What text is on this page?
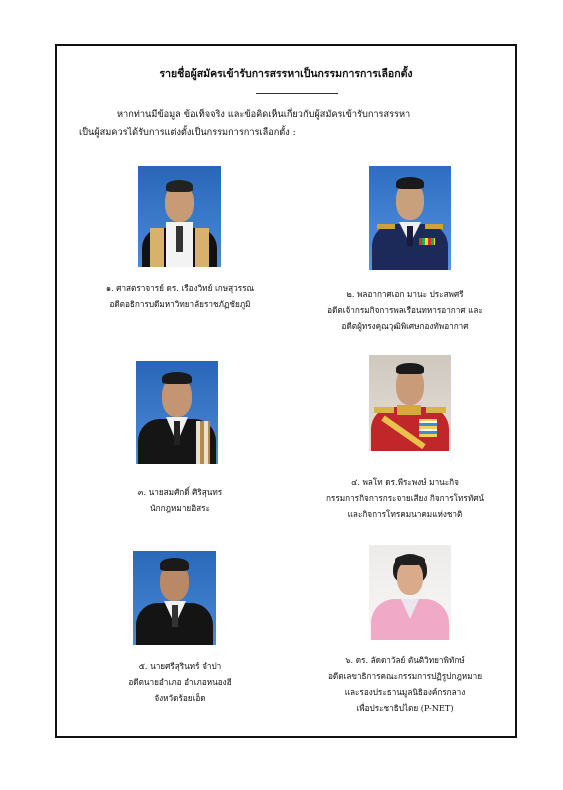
รายชื่อผู้สมัครเข้ารับการสรรหาเป็นกรรมการการเลือกตั้ง
หากท่านมีข้อมูล ข้อเท็จจริง และข้อคิดเห็นเกี่ยวกับผู้สมัครเข้ารับการสรรหา
เป็นผู้สมควรได้รับการแต่งตั้งเป็นกรรมการการเลือกตั้ง :
๑. ศาสตราจารย์ ดร. เรืองวิทย์ เกษสุวรรณ
อดีตอธิการบดีมหาวิทยาลัยราชภัฏชัยภูมิ
๒. พลอากาศเอก มานะ ประสพศรี
อดีตเจ้ากรมกิจการพลเรือนทหารอากาศ และ
อดีตผู้ทรงคุณวุฒิพิเศษกองทัพอากาศ
๓. นายสมศักดิ์ ศิริสุนทร
นักกฎหมายอิสระ
๔. พลโท ดร.พีระพงษ์ มานะกิจ
กรรมการกิจการกระจายเสียง กิจการโทรทัศน์
และกิจการโทรคมนาคมแห่งชาติ
๕. นายศรีสุรินทร์ จำปา
อดีตนายอำเภอ อำเภอหนองฮี
จังหวัดร้อยเอ็ด
๖. ดร. ลัดดาวัลย์ ตันติวิทยาพิทักษ์
อดีตเลขาธิการคณะกรรมการปฏิรูปกฎหมาย
และรองประธานมูลนิธิองค์กรกลาง
เพื่อประชาธิปไตย (P-NET)
